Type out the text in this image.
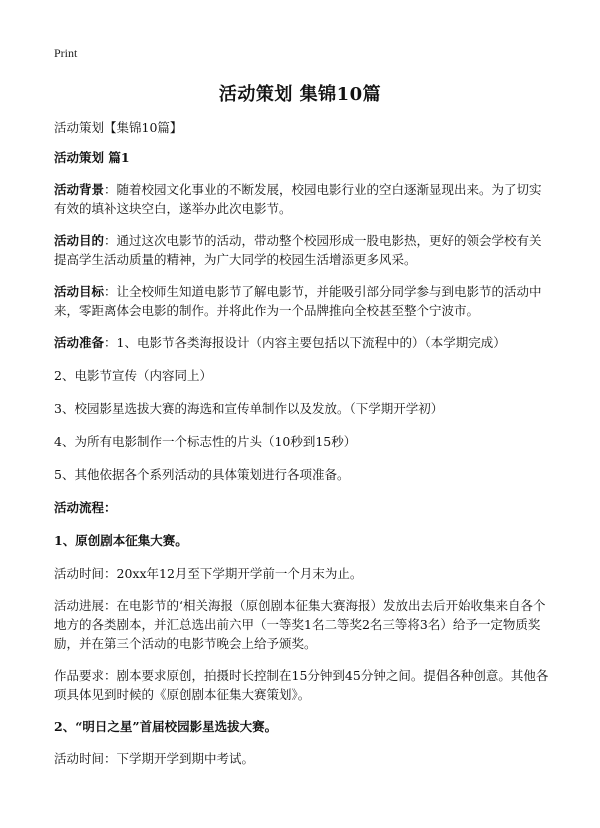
Print
活动策划 集锦10篇

活动策划【集锦10篇】

活动策划 篇1

活动背景：随着校园文化事业的不断发展，校园电影行业的空白逐渐显现出来。为了切实有效的填补这块空白，遂举办此次电影节。

活动目的：通过这次电影节的活动，带动整个校园形成一股电影热，更好的领会学校有关提高学生活动质量的精神，为广大同学的校园生活增添更多风采。

活动目标：让全校师生知道电影节了解电影节，并能吸引部分同学参与到电影节的活动中来，零距离体会电影的制作。并将此作为一个品牌推向全校甚至整个宁波市。

活动准备：1、电影节各类海报设计（内容主要包括以下流程中的）（本学期完成）

2、电影节宣传（内容同上）

3、校园影星选拔大赛的海选和宣传单制作以及发放。（下学期开学初）

4、为所有电影制作一个标志性的片头（10秒到15秒）

5、其他依据各个系列活动的具体策划进行各项准备。

活动流程：

1、原创剧本征集大赛。

活动时间：20xx年12月至下学期开学前一个月末为止。

活动进展：在电影节的‘相关海报（原创剧本征集大赛海报）发放出去后开始收集来自各个地方的各类剧本，并汇总选出前六甲（一等奖1名二等奖2名三等将3名）给予一定物质奖励，并在第三个活动的电影节晚会上给予颁奖。

作品要求：剧本要求原创，拍摄时长控制在15分钟到45分钟之间。提倡各种创意。其他各项具体见到时候的《原创剧本征集大赛策划》。

2、“明日之星”首届校园影星选拔大赛。

活动时间：下学期开学到期中考试。
